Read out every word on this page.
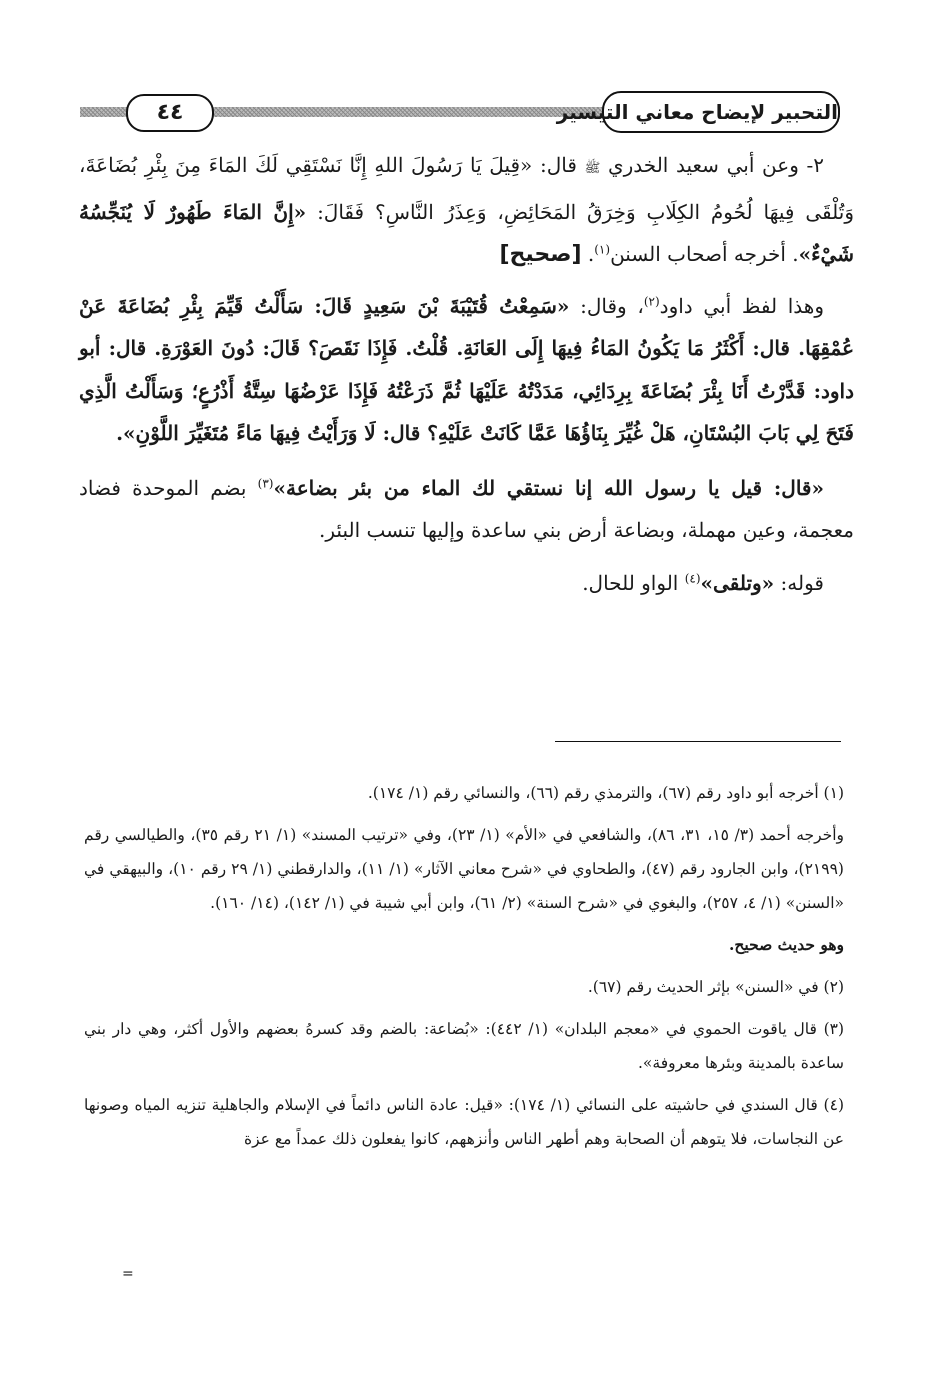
التحبير لإيضاح معاني التيسير
٤٤

٢- وعن أبي سعيد الخدري ﷺ قال: «قِيلَ يَا رَسُولَ اللهِ إِنَّا نَسْتَقِي لَكَ المَاءَ مِنَ بِئْرِ بُضَاعَةَ، وَتُلْقَى فِيهَا لُحُومُ الكِلَابِ وَخِرَقُ المَحَائِضِ، وَعِذَرُ النَّاسِ؟ فَقَالَ: «إِنَّ المَاءَ طَهُورٌ لَا يُنَجِّسُهُ شَيْءٌ». أخرجه أصحاب السنن$^{(١)}$. [صحيح]

وهذا لفظ أبي داود$^{(٢)}$، وقال: «سَمِعْتُ قُتَيْبَةَ بْنَ سَعِيدٍ قَالَ: سَأَلْتُ قَيِّمَ بِئْرِ بُضَاعَةَ عَنْ عُمْقِهَا. قال: أَكْثَرُ مَا يَكُونُ المَاءُ فِيهَا إِلَى العَانَةِ. قُلْتُ. فَإِذَا نَقَصَ؟ قَالَ: دُونَ العَوْرَةِ. قال: أبو داود: قَدَّرْتُ أَنَا بِئْرَ بُضَاعَةَ بِرِدَائِي، مَدَدْتُهُ عَلَيْهَا ثُمَّ ذَرَعْتُهُ فَإِذَا عَرْضُهَا سِتَّةُ أَذْرُعٍ؛ وَسَأَلْتُ الَّذِي فَتَحَ لِي بَابَ البُسْتَانِ، هَلْ غُيِّرَ بِنَاؤُهَا عَمَّا كَانَتْ عَلَيْهِ؟ قال: لَا وَرَأَيْتُ فِيهَا مَاءً مُتَغَيِّرَ اللَّوْنِ».

«قال: قيل يا رسول الله إنا نستقي لك الماء من بئر بضاعة»$^{(٣)}$ بضم الموحدة فضاد معجمة، وعين مهملة، وبضاعة أرض بني ساعدة وإليها تنسب البئر.

قوله: «وتلقى»$^{(٤)}$ الواو للحال.

(١) أخرجه أبو داود رقم (٦٧)، والترمذي رقم (٦٦)، والنسائي رقم (١/ ١٧٤).

وأخرجه أحمد (٣/ ١٥، ٣١، ٨٦)، والشافعي في «الأم» (١/ ٢٣)، وفي «ترتيب المسند» (١/ ٢١ رقم ٣٥)، والطيالسي رقم (٢١٩٩)، وابن الجارود رقم (٤٧)، والطحاوي في «شرح معاني الآثار» (١/ ١١)، والدارقطني (١/ ٢٩ رقم ١٠)، والبيهقي في «السنن» (١/ ٤، ٢٥٧)، والبغوي في «شرح السنة» (٢/ ٦١)، وابن أبي شيبة في (١/ ١٤٢)، (١٤/ ١٦٠).

وهو حديث صحيح.

(٢) في «السنن» بإثر الحديث رقم (٦٧).

(٣) قال ياقوت الحموي في «معجم البلدان» (١/ ٤٤٢): «بُضاعة: بالضم وقد كسرهُ بعضهم والأول أكثر، وهي دار بني ساعدة بالمدينة وبئرها معروفة».

(٤) قال السندي في حاشيته على النسائي (١/ ١٧٤): «قيل: عادة الناس دائماً في الإسلام والجاهلية تنزيه المياه وصونها عن النجاسات، فلا يتوهم أن الصحابة وهم أطهر الناس وأنزههم، كانوا يفعلون ذلك عمداً مع عزة

=
